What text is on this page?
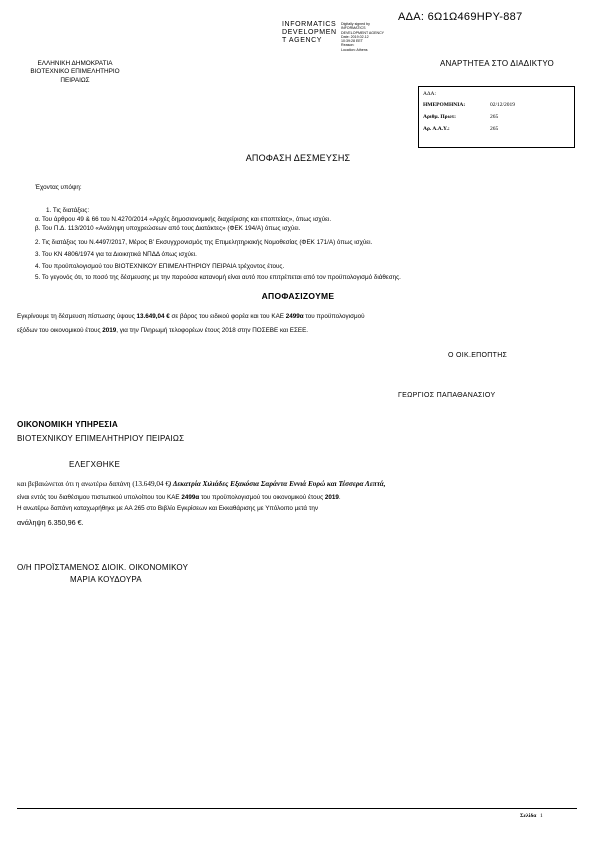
ΑΔΑ: 6Ω1Ω469ΗΡΥ-887
INFORMATICS
DEVELOPMEN
T AGENCY
Digitally signed by
INFORMATICS
DEVELOPMENT AGENCY
Date: 2019.02.12
10:39:28 EET
Reason:
Location: Athens
ΕΛΛΗΝΙΚΗ ΔΗΜΟΚΡΑΤΙΑ
ΒΙΟΤΕΧΝΙΚΟ ΕΠΙΜΕΛΗΤΗΡΙΟ
ΠΕΙΡΑΙΩΣ
ΑΝΑΡΤΗΤΕΑ ΣΤΟ ΔΙΑΔΙΚΤΥΟ
ΑΔΑ:
ΗΜΕΡΟΜΗΝΙΑ:	02/12/2019
Αριθμ. Πρωτ:	265
Αρ. Α.Α.Υ.:	265
ΑΠΟΦΑΣΗ ΔΕΣΜΕΥΣΗΣ
Έχοντας υπόψη:
1. Τις διατάξεις:
α. Του άρθρου 49 & 66 του Ν.4270/2014 «Αρχές δημοσιονομικής διαχείρισης και εποπτείας», όπως ισχύει.
β. Του Π.Δ. 113/2010 «Ανάληψη υποχρεώσεων από τους Διατάκτες» (ΦΕΚ 194/Α) όπως ισχύει.
2. Τις διατάξεις του Ν.4497/2017, Μέρος Β' Εκσυγχρονισμός της Επιμελητηριακής Νομοθεσίας (ΦΕΚ 171/Α) όπως ισχύει.
3. Του ΚΝ 4806/1974 για τα Διοικητικά ΝΠΔΔ όπως ισχύει.
4. Του προϋπολογισμού του ΒΙΟΤΕΧΝΙΚΟΥ ΕΠΙΜΕΛΗΤΗΡΙΟΥ ΠΕΙΡΑΙΑ τρέχοντος έτους.
5. Το γεγονός ότι, το ποσό της δέσμευσης με την παρούσα κατανομή είναι αυτό που επιτρέπεται από τον προϋπολογισμό διάθεσης.
ΑΠΟΦΑΣΙΖΟΥΜΕ
Εγκρίνουμε τη δέσμευση πίστωσης ύψους 13.649,04 € σε βάρος του ειδικού φορέα και του ΚΑΕ 2499α του προϋπολογισμού
εξόδων του οικονομικού έτους 2019, για την Πληρωμή τελοφορέων έτους 2018 στην ΠΟΣΕΒΕ και ΕΣΕΕ.
Ο ΟΙΚ.ΕΠΟΠΤΗΣ
ΓΕΩΡΓΙΟΣ ΠΑΠΑΘΑΝΑΣΙΟΥ
ΟΙΚΟΝΟΜΙΚΗ ΥΠΗΡΕΣΙΑ
ΒΙΟΤΕΧΝΙΚΟΥ ΕΠΙΜΕΛΗΤΗΡΙΟΥ ΠΕΙΡΑΙΩΣ
ΕΛΕΓΧΘΗΚΕ
και βεβαιώνεται ότι η ανωτέρω δαπάνη (13.649,04 €) Δεκατρία Χιλιάδες Εξακόσια Σαράντα Εννιά Ευρώ και Τέσσερα Λεπτά,
είναι εντός του διαθέσιμου πιστωτικού υπολοίπου του ΚΑΕ 2499α του προϋπολογισμού του οικονομικού έτους 2019.
Η ανωτέρω δαπάνη καταχωρήθηκε με ΑΑ 265 στο Βιβλίο Εγκρίσεων και Εκκαθάρισης με Υπόλοιπο μετά την
ανάληψη 6.350,96 €.
Ο/Η ΠΡΟΪΣΤΑΜΕΝΟΣ ΔΙΟΙΚ. ΟΙΚΟΝΟΜΙΚΟΥ
ΜΑΡΙΑ ΚΟΥΔΟΥΡΑ
Σελίδα 1
